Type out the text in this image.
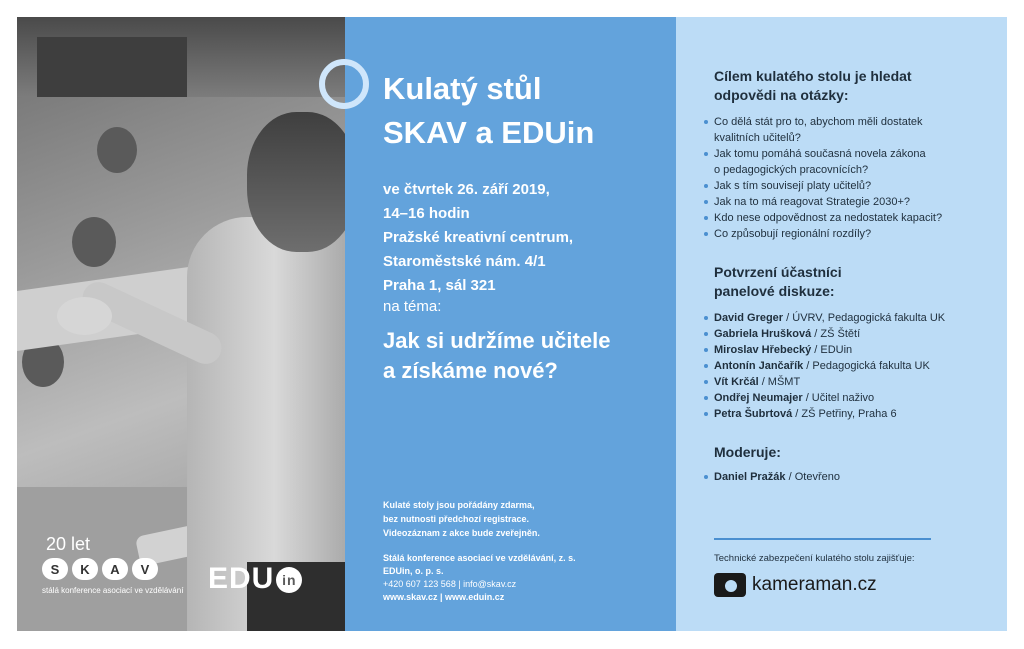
20 let
S	K	A	V
stálá konference asociací ve vzdělávání EDU in
Kulatý stůl
SKAV a EDUin
ve čtvrtek 26. září 2019,
14–16 hodin
Pražské kreativní centrum,
Staroměstské nám. 4/1
Praha 1, sál 321
na téma:
Jak si udržíme učitele
a získáme nové?
Kulaté stoly jsou pořádány zdarma,
bez nutnosti předchozí registrace.
Videozáznam z akce bude zveřejněn.
Stálá konference asociací ve vzdělávání, z. s.
EDUin, o. p. s.
+420 607 123 568 | info@skav.cz
www.skav.cz | www.eduin.cz
Cílem kulatého stolu je hledat
odpovědi na otázky:
Co dělá stát pro to, abychom měli dostatek
kvalitních učitelů?
Jak tomu pomáhá současná novela zákona
o pedagogických pracovnících?
Jak s tím souvisejí platy učitelů?
Jak na to má reagovat Strategie 2030+?
Kdo nese odpovědnost za nedostatek kapacit?
Co způsobují regionální rozdíly?
Potvrzení účastníci
panelové diskuze:
David Greger / ÚVRV, Pedagogická fakulta UK
Gabriela Hrušková / ZŠ Štětí
Miroslav Hřebecký / EDUin
Antonín Jančařík / Pedagogická fakulta UK
Vít Krčál / MŠMT
Ondřej Neumajer / Učitel naživo
Petra Šubrtová / ZŠ Petřiny, Praha 6
Moderuje:
Daniel Pražák / Otevřeno
Technické zabezpečení kulatého stolu zajišťuje:
kameraman.cz
